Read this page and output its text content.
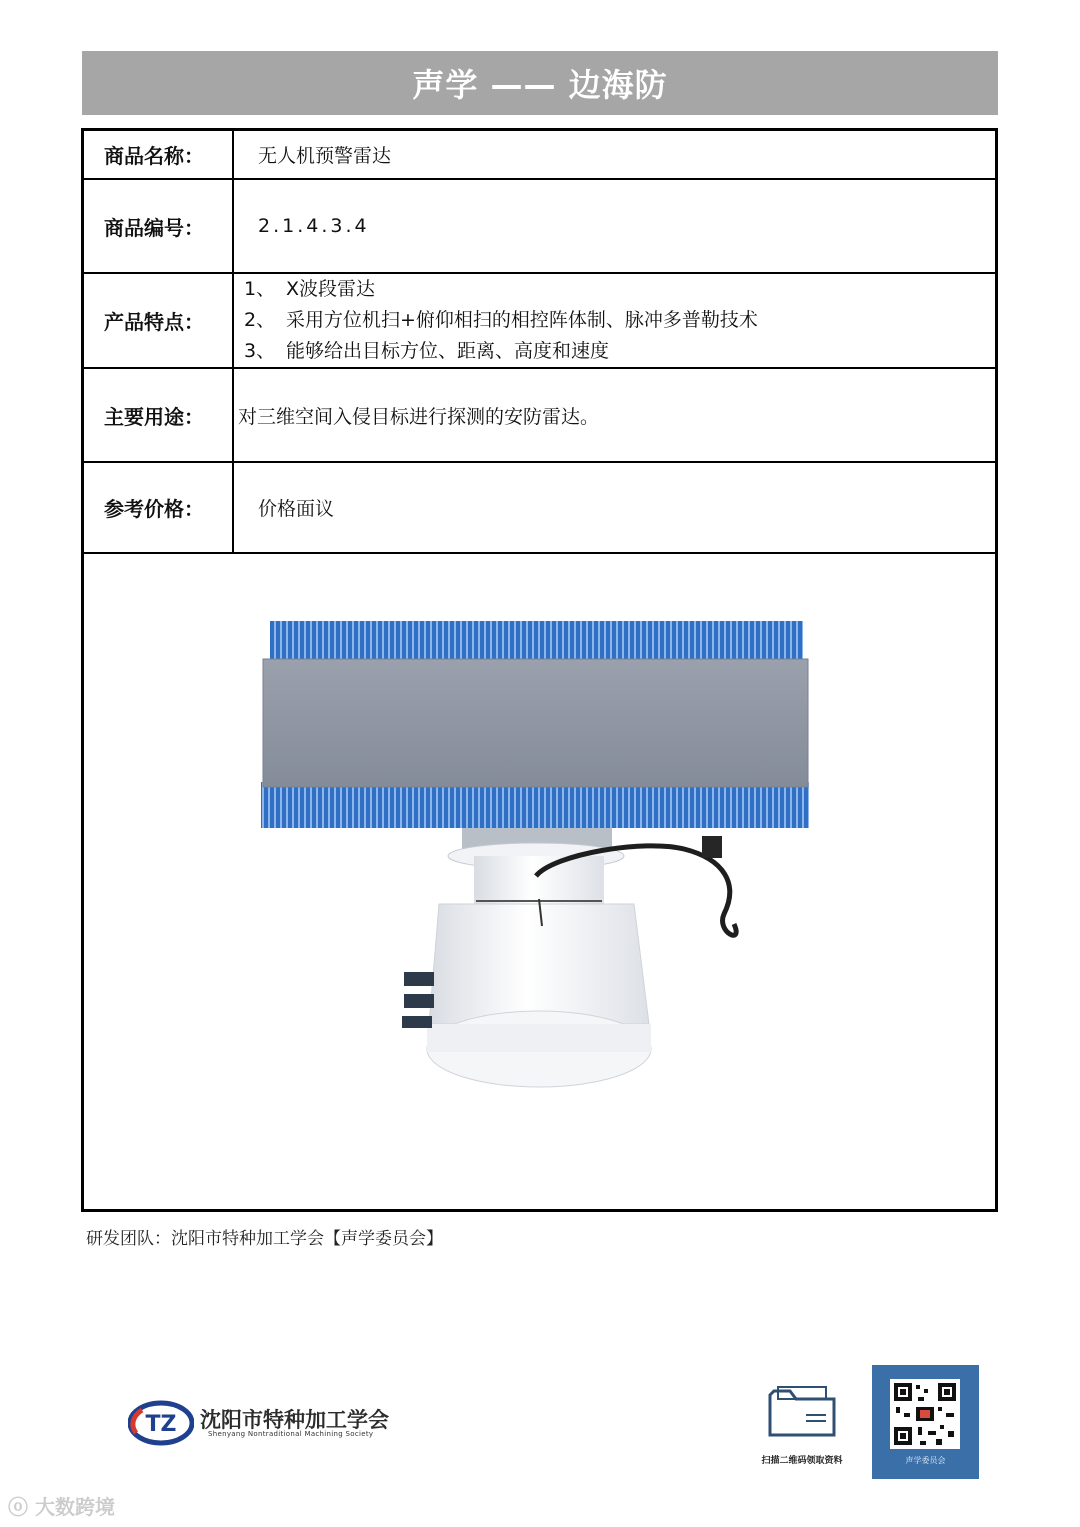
声学 —— 边海防
商品名称：	无人机预警雷达
商品编号：	2.1.4.3.4
产品特点：
1、 X波段雷达
2、 采用方位机扫+俯仰相扫的相控阵体制、脉冲多普勒技术
3、 能够给出目标方位、距离、高度和速度
主要用途：	对三维空间入侵目标进行探测的安防雷达。
参考价格：	价格面议
研发团队：沈阳市特种加工学会【声学委员会】
TZ 沈阳市特种加工学会
Shenyang Nontraditional Machining Society
扫描二维码领取资料	声学委员会
ⓞ 大数跨境
